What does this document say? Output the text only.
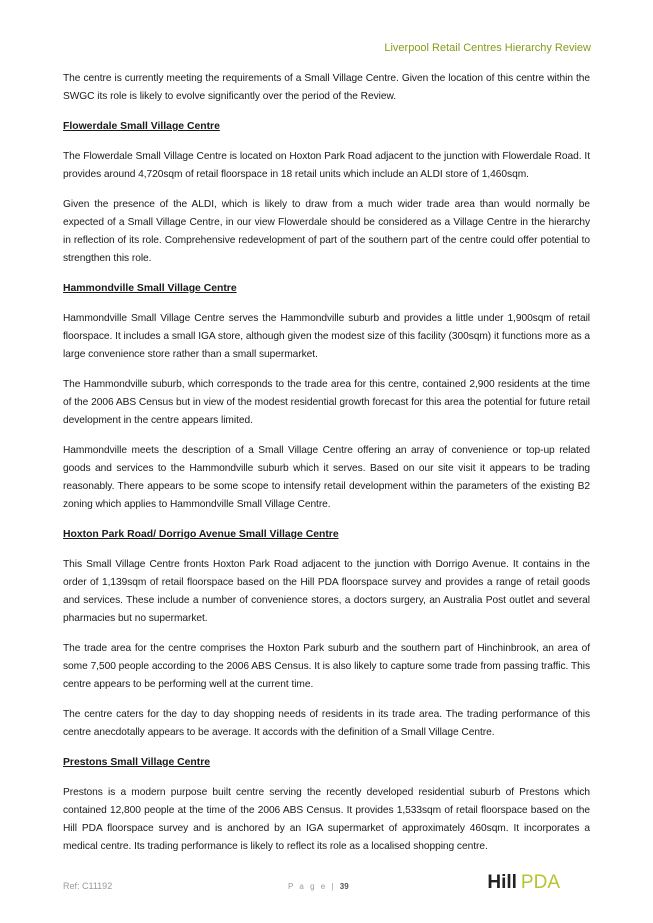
Liverpool Retail Centres Hierarchy Review

The centre is currently meeting the requirements of a Small Village Centre. Given the location of this centre within the SWGC its role is likely to evolve significantly over the period of the Review.

Flowerdale Small Village Centre

The Flowerdale Small Village Centre is located on Hoxton Park Road adjacent to the junction with Flowerdale Road. It provides around 4,720sqm of retail floorspace in 18 retail units which include an ALDI store of 1,460sqm.

Given the presence of the ALDI, which is likely to draw from a much wider trade area than would normally be expected of a Small Village Centre, in our view Flowerdale should be considered as a Village Centre in the hierarchy in reflection of its role. Comprehensive redevelopment of part of the southern part of the centre could offer potential to strengthen this role.

Hammondville Small Village Centre

Hammondville Small Village Centre serves the Hammondville suburb and provides a little under 1,900sqm of retail floorspace. It includes a small IGA store, although given the modest size of this facility (300sqm) it functions more as a large convenience store rather than a small supermarket.

The Hammondville suburb, which corresponds to the trade area for this centre, contained 2,900 residents at the time of the 2006 ABS Census but in view of the modest residential growth forecast for this area the potential for future retail development in the centre appears limited.

Hammondville meets the description of a Small Village Centre offering an array of convenience or top-up related goods and services to the Hammondville suburb which it serves. Based on our site visit it appears to be trading reasonably. There appears to be some scope to intensify retail development within the parameters of the existing B2 zoning which applies to Hammondville Small Village Centre.

Hoxton Park Road/ Dorrigo Avenue Small Village Centre

This Small Village Centre fronts Hoxton Park Road adjacent to the junction with Dorrigo Avenue. It contains in the order of 1,139sqm of retail floorspace based on the Hill PDA floorspace survey and provides a range of retail goods and services. These include a number of convenience stores, a doctors surgery, an Australia Post outlet and several pharmacies but no supermarket.

The trade area for the centre comprises the Hoxton Park suburb and the southern part of Hinchinbrook, an area of some 7,500 people according to the 2006 ABS Census. It is also likely to capture some trade from passing traffic. This centre appears to be performing well at the current time.

The centre caters for the day to day shopping needs of residents in its trade area. The trading performance of this centre anecdotally appears to be average. It accords with the definition of a Small Village Centre.

Prestons Small Village Centre

Prestons is a modern purpose built centre serving the recently developed residential suburb of Prestons which contained 12,800 people at the time of the 2006 ABS Census. It provides 1,533sqm of retail floorspace based on the Hill PDA floorspace survey and is anchored by an IGA supermarket of approximately 460sqm. It incorporates a medical centre. Its trading performance is likely to reflect its role as a localised shopping centre.

Ref: C11192	P a g e | 39	Hill PDA
